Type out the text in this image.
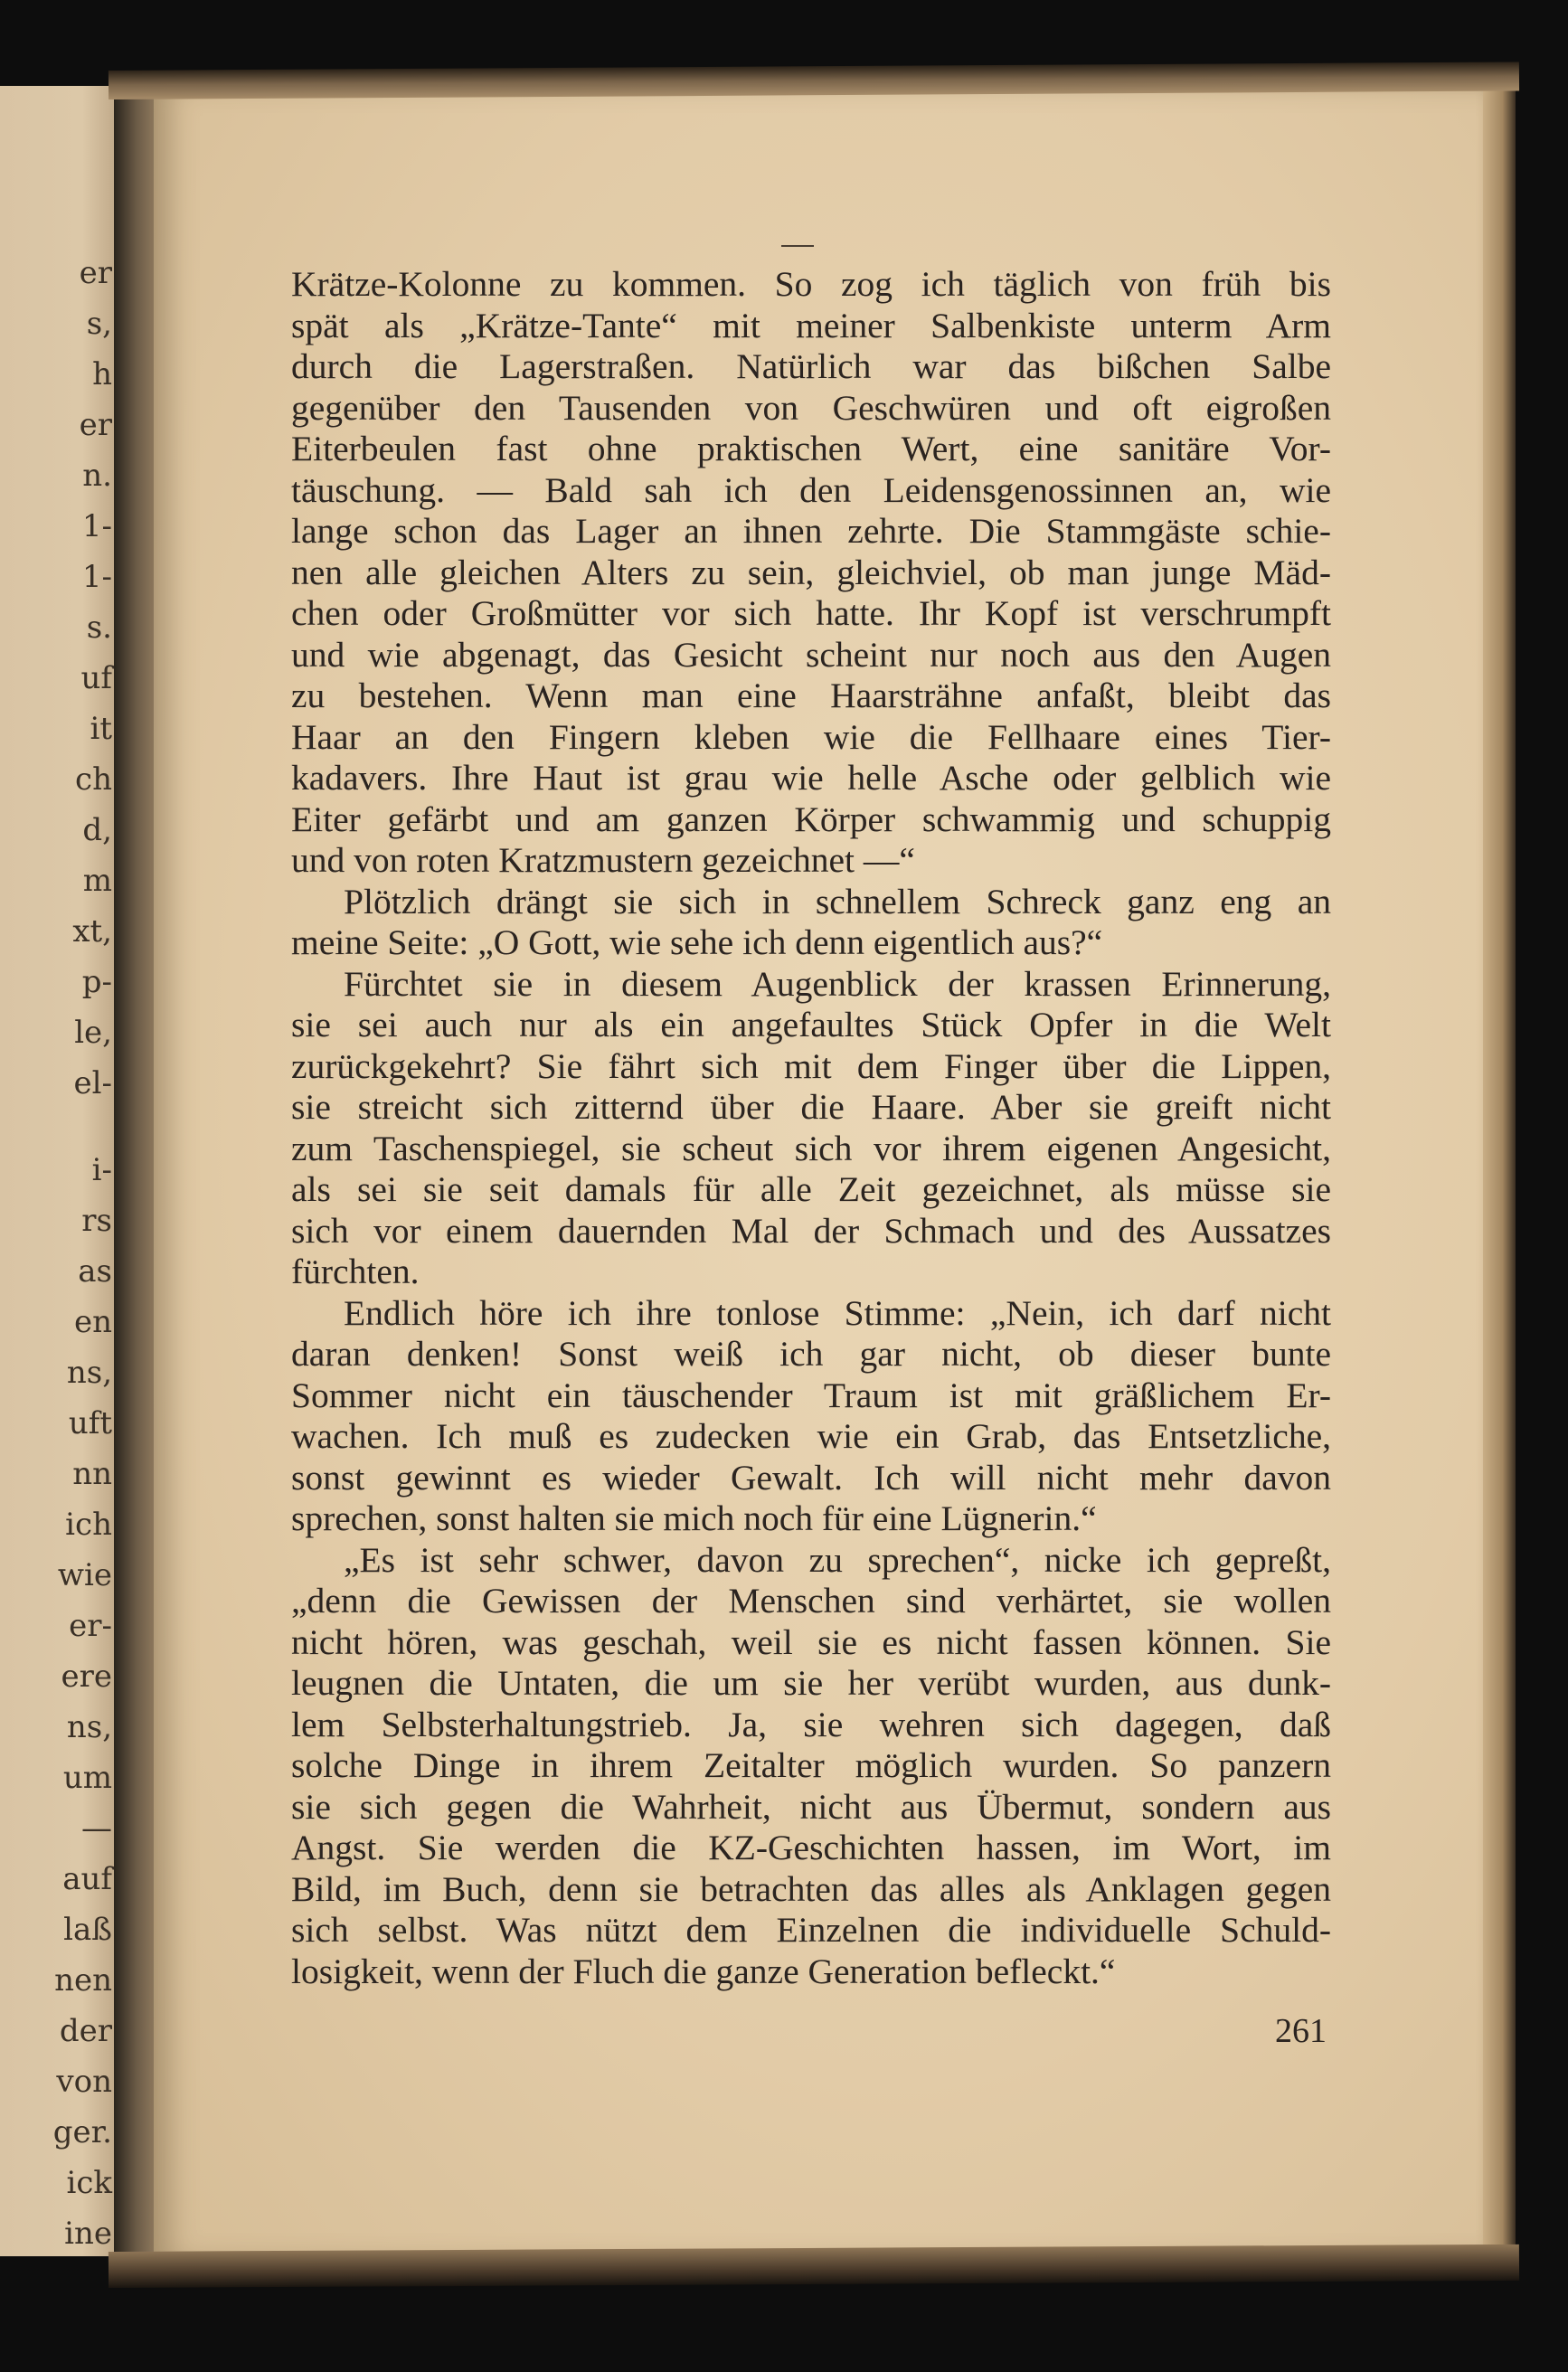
er
s,
h
er
n.
1-
1-
s.
uf
it
ch
d,
m
xt,
p-
le,
el-
i-
rs
as
en
ns,
uft
nn
ich
wie
er-
ere
ns,
um
—
auf
laß
nen
der
von
ger.
ick
ine
Krätze-Kolonne zu kommen. So zog ich täglich von früh bis
spät als „Krätze-Tante“ mit meiner Salbenkiste unterm Arm
durch die Lagerstraßen. Natürlich war das bißchen Salbe
gegenüber den Tausenden von Geschwüren und oft eigroßen
Eiterbeulen fast ohne praktischen Wert, eine sanitäre Vor-
täuschung. — Bald sah ich den Leidensgenossinnen an, wie
lange schon das Lager an ihnen zehrte. Die Stammgäste schie-
nen alle gleichen Alters zu sein, gleichviel, ob man junge Mäd-
chen oder Großmütter vor sich hatte. Ihr Kopf ist verschrumpft
und wie abgenagt, das Gesicht scheint nur noch aus den Augen
zu bestehen. Wenn man eine Haarsträhne anfaßt, bleibt das
Haar an den Fingern kleben wie die Fellhaare eines Tier-
kadavers. Ihre Haut ist grau wie helle Asche oder gelblich wie
Eiter gefärbt und am ganzen Körper schwammig und schuppig
und von roten Kratzmustern gezeichnet —“
Plötzlich drängt sie sich in schnellem Schreck ganz eng an
meine Seite: „O Gott, wie sehe ich denn eigentlich aus?“
Fürchtet sie in diesem Augenblick der krassen Erinnerung,
sie sei auch nur als ein angefaultes Stück Opfer in die Welt
zurückgekehrt? Sie fährt sich mit dem Finger über die Lippen,
sie streicht sich zitternd über die Haare. Aber sie greift nicht
zum Taschenspiegel, sie scheut sich vor ihrem eigenen Angesicht,
als sei sie seit damals für alle Zeit gezeichnet, als müsse sie
sich vor einem dauernden Mal der Schmach und des Aussatzes
fürchten.
Endlich höre ich ihre tonlose Stimme: „Nein, ich darf nicht
daran denken! Sonst weiß ich gar nicht, ob dieser bunte
Sommer nicht ein täuschender Traum ist mit gräßlichem Er-
wachen. Ich muß es zudecken wie ein Grab, das Entsetzliche,
sonst gewinnt es wieder Gewalt. Ich will nicht mehr davon
sprechen, sonst halten sie mich noch für eine Lügnerin.“
„Es ist sehr schwer, davon zu sprechen“, nicke ich gepreßt,
„denn die Gewissen der Menschen sind verhärtet, sie wollen
nicht hören, was geschah, weil sie es nicht fassen können. Sie
leugnen die Untaten, die um sie her verübt wurden, aus dunk-
lem Selbsterhaltungstrieb. Ja, sie wehren sich dagegen, daß
solche Dinge in ihrem Zeitalter möglich wurden. So panzern
sie sich gegen die Wahrheit, nicht aus Übermut, sondern aus
Angst. Sie werden die KZ-Geschichten hassen, im Wort, im
Bild, im Buch, denn sie betrachten das alles als Anklagen gegen
sich selbst. Was nützt dem Einzelnen die individuelle Schuld-
losigkeit, wenn der Fluch die ganze Generation befleckt.“
261
